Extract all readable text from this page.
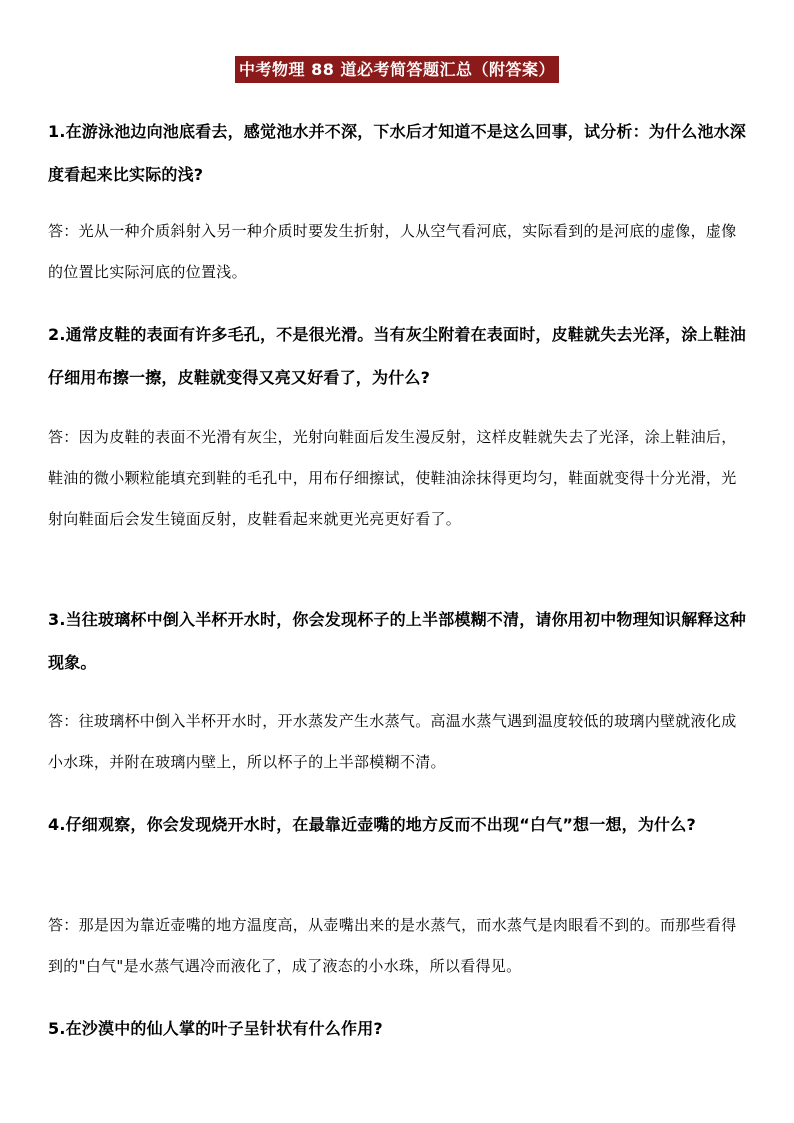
中考物理 88 道必考简答题汇总（附答案）
1.在游泳池边向池底看去，感觉池水并不深，下水后才知道不是这么回事，试分析：为什么池水深度看起来比实际的浅?
答：光从一种介质斜射入另一种介质时要发生折射，人从空气看河底，实际看到的是河底的虚像，虚像的位置比实际河底的位置浅。
2.通常皮鞋的表面有许多毛孔，不是很光滑。当有灰尘附着在表面时，皮鞋就失去光泽，涂上鞋油仔细用布擦一擦，皮鞋就变得又亮又好看了，为什么?
答：因为皮鞋的表面不光滑有灰尘，光射向鞋面后发生漫反射，这样皮鞋就失去了光泽，涂上鞋油后，鞋油的微小颗粒能填充到鞋的毛孔中，用布仔细擦试，使鞋油涂抹得更均匀，鞋面就变得十分光滑，光射向鞋面后会发生镜面反射，皮鞋看起来就更光亮更好看了。
3.当往玻璃杯中倒入半杯开水时，你会发现杯子的上半部模糊不清，请你用初中物理知识解释这种现象。
答：往玻璃杯中倒入半杯开水时，开水蒸发产生水蒸气。高温水蒸气遇到温度较低的玻璃内壁就液化成小水珠，并附在玻璃内壁上，所以杯子的上半部模糊不清。
4.仔细观察，你会发现烧开水时，在最靠近壶嘴的地方反而不出现“白气”想一想，为什么?
答：那是因为靠近壶嘴的地方温度高，从壶嘴出来的是水蒸气，而水蒸气是肉眼看不到的。而那些看得到的"白气"是水蒸气遇冷而液化了，成了液态的小水珠，所以看得见。
5.在沙漠中的仙人掌的叶子呈针状有什么作用?
